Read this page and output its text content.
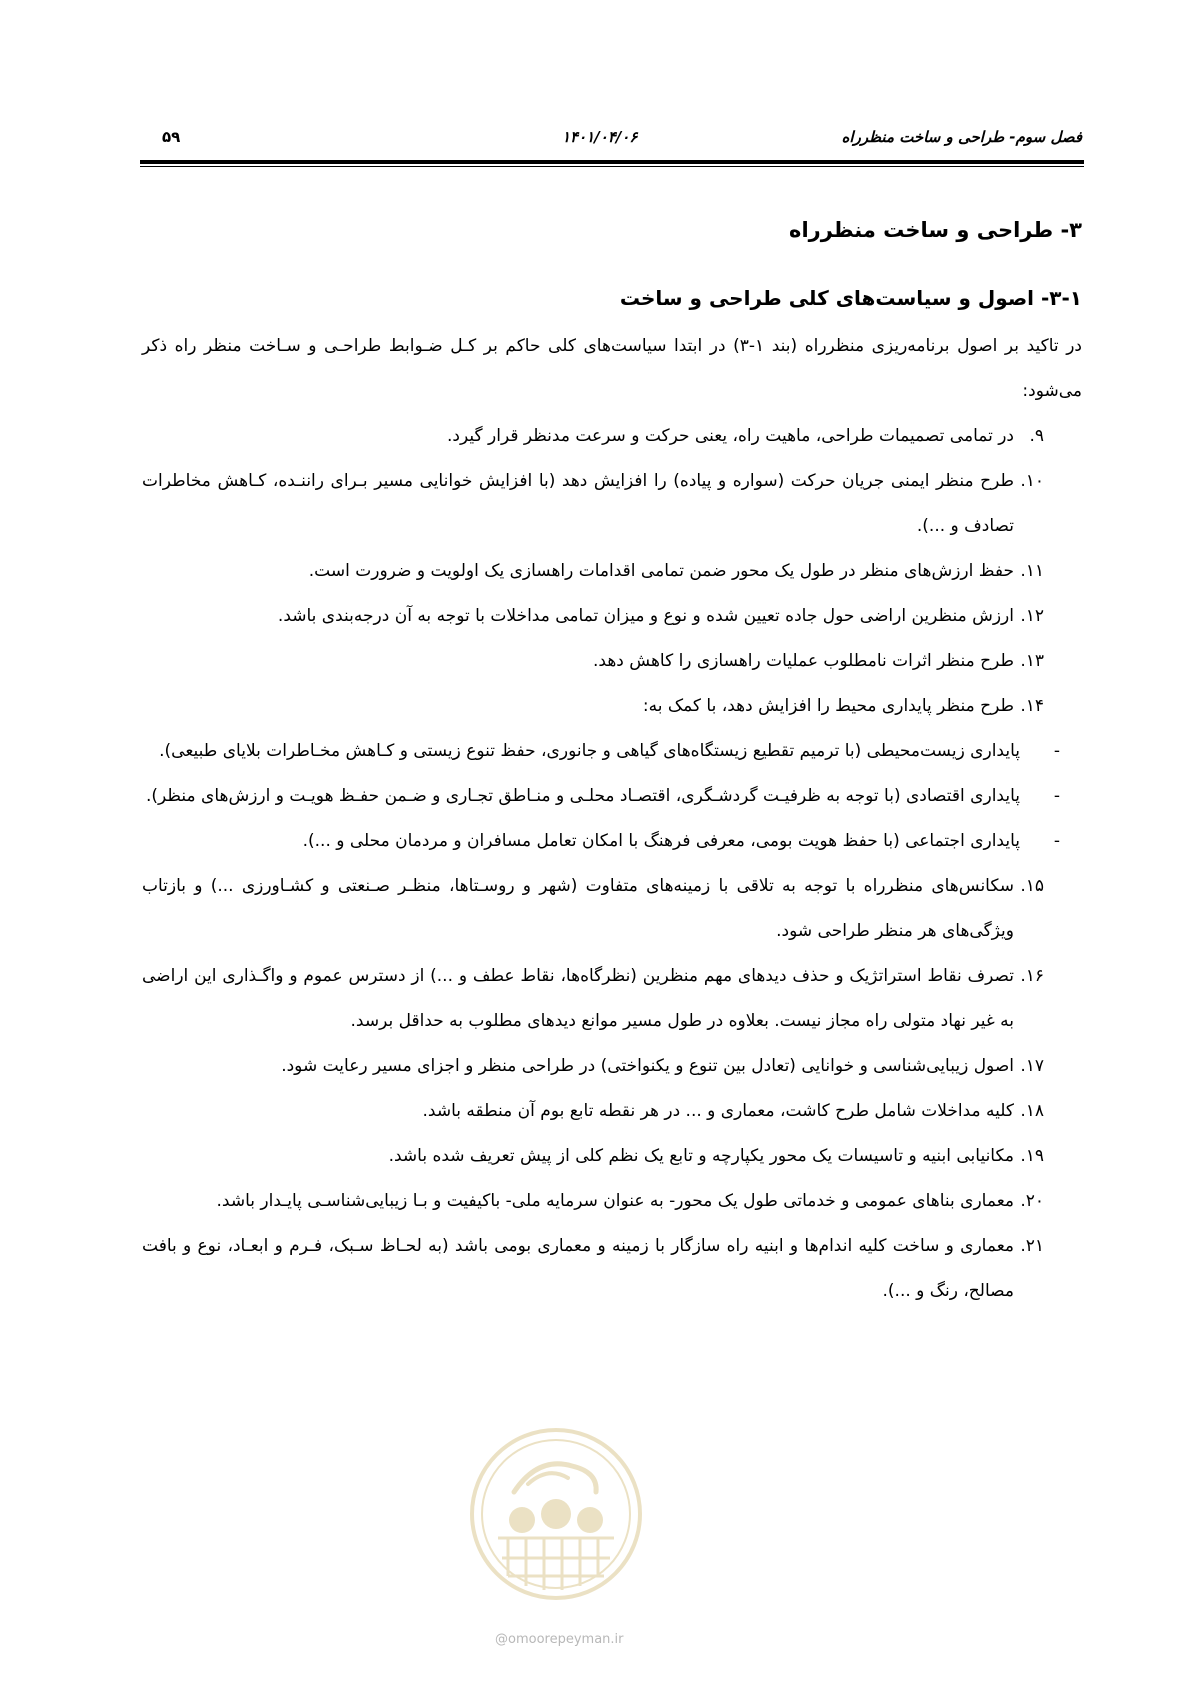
فصل سوم- طراحی و ساخت منظرراه
۱۴۰۱/۰۴/۰۶
۵۹
۳- طراحی و ساخت منظرراه
۳-۱- اصول و سیاست‌های کلی طراحی و ساخت

در تاکید بر اصول برنامه‌ریزی منظرراه (بند ۱-۳) در ابتدا سیاست‌های کلی حاکم بر کـل ضـوابط طراحـی و سـاخت منظر راه ذکر می‌شود:

۹.
در تمامی تصمیمات طراحی، ماهیت راه، یعنی حرکت و سرعت مدنظر قرار گیرد.
۱۰.
طرح منظر ایمنی جریان حرکت (سواره و پیاده) را افزایش دهد (با افزایش خوانایی مسیر بـرای راننـده، کـاهش مخاطرات تصادف و ...).
۱۱.
حفظ ارزش‌های منظر در طول یک محور ضمن تمامی اقدامات راهسازی یک اولویت و ضرورت است.
۱۲.
ارزش منظرین اراضی حول جاده تعیین شده و نوع و میزان تمامی مداخلات با توجه به آن درجه‌بندی باشد.
۱۳.
طرح منظر اثرات نامطلوب عملیات راهسازی را کاهش دهد.
۱۴.
طرح منظر پایداری محیط را افزایش دهد، با کمک به:
-
پایداری زیست‌محیطی (با ترمیم تقطیع زیستگاه‌های گیاهی و جانوری، حفظ تنوع زیستی و کـاهش مخـاطرات بلایای طبیعی).
-
پایداری اقتصادی (با توجه به ظرفیـت گردشـگری، اقتصـاد محلـی و منـاطق تجـاری و ضـمن حفـظ هویـت و ارزش‌های منظر).
-
پایداری اجتماعی (با حفظ هویت بومی، معرفی فرهنگ با امکان تعامل مسافران و مردمان محلی و ...).
۱۵.
سکانس‌های منظرراه با توجه به تلاقی با زمینه‌های متفاوت (شهر و روسـتاها، منظـر صـنعتی و کشـاورزی ...) و بازتاب ویژگی‌های هر منظر طراحی شود.
۱۶.
تصرف نقاط استراتژیک و حذف دیدهای مهم منظرین (نظرگاه‌ها، نقاط عطف و ...) از دسترس عموم و واگـذاری این اراضی به غیر نهاد متولی راه مجاز نیست. بعلاوه در طول مسیر موانع دیدهای مطلوب به حداقل برسد.
۱۷.
اصول زیبایی‌شناسی و خوانایی (تعادل بین تنوع و یکنواختی) در طراحی منظر و اجزای مسیر رعایت شود.
۱۸.
کلیه مداخلات شامل طرح کاشت، معماری و ... در هر نقطه تابع بوم آن منطقه باشد.
۱۹.
مکانیابی ابنیه و تاسیسات یک محور یکپارچه و تابع یک نظم کلی از پیش تعریف شده باشد.
۲۰.
معماری بناهای عمومی و خدماتی طول یک محور- به عنوان سرمایه ملی- باکیفیت و بـا زیبایی‌شناسـی پایـدار باشد.
۲۱.
معماری و ساخت کلیه اندام‌ها و ابنیه راه سازگار با زمینه و معماری بومی باشد (به لحـاظ سـبک، فـرم و ابعـاد، نوع و بافت مصالح، رنگ و ...).
@omoorepeyman.ir
